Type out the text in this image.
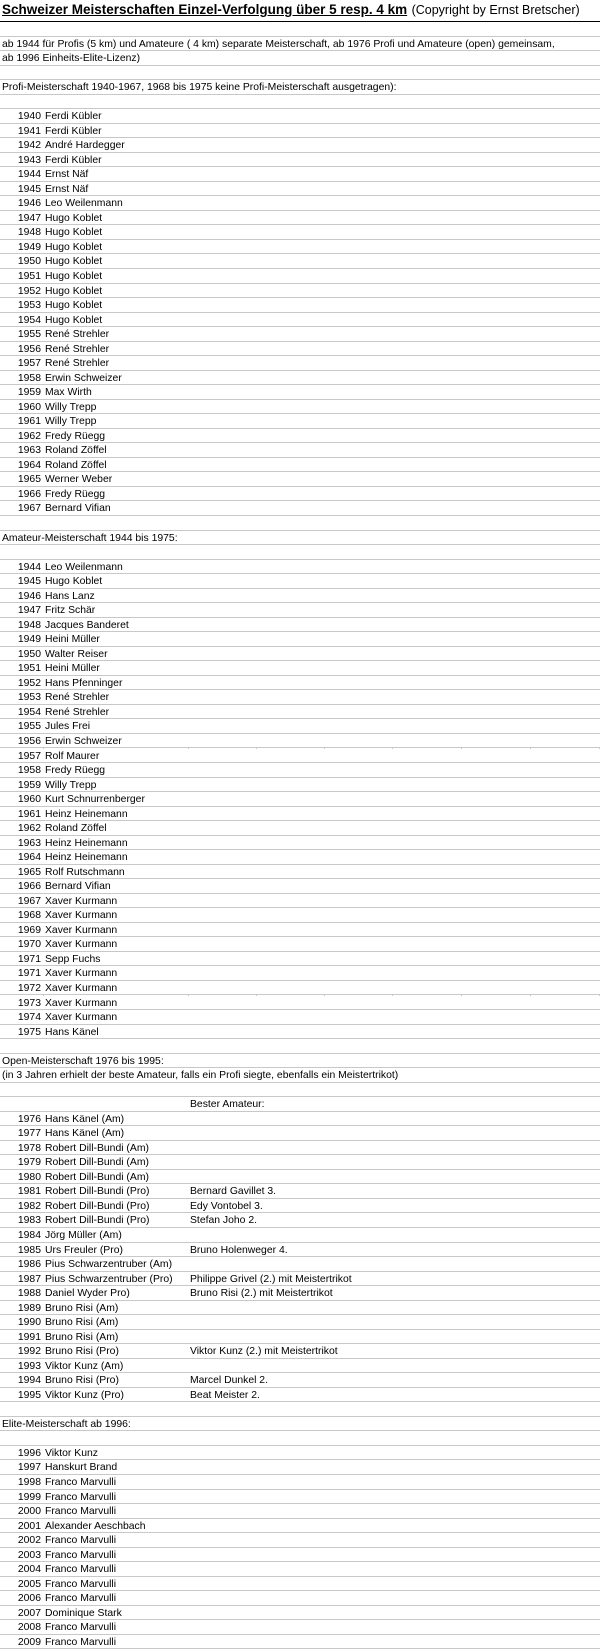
Schweizer Meisterschaften Einzel-Verfolgung über 5 resp. 4 km (Copyright by Ernst Bretscher)
ab 1944 für Profis (5 km) und Amateure ( 4 km) separate Meisterschaft, ab 1976 Profi und Amateure (open) gemeinsam,
ab 1996 Einheits-Elite-Lizenz)
Profi-Meisterschaft 1940-1967, 1968 bis 1975 keine Profi-Meisterschaft ausgetragen):
1940 Ferdi Kübler
1941 Ferdi Kübler
1942 André Hardegger
1943 Ferdi Kübler
1944 Ernst Näf
1945 Ernst Näf
1946 Leo Weilenmann
1947 Hugo Koblet
1948 Hugo Koblet
1949 Hugo Koblet
1950 Hugo Koblet
1951 Hugo Koblet
1952 Hugo Koblet
1953 Hugo Koblet
1954 Hugo Koblet
1955 René Strehler
1956 René Strehler
1957 René Strehler
1958 Erwin Schweizer
1959 Max Wirth
1960 Willy Trepp
1961 Willy Trepp
1962 Fredy Rüegg
1963 Roland Zöffel
1964 Roland Zöffel
1965 Werner Weber
1966 Fredy Rüegg
1967 Bernard Vifian
Amateur-Meisterschaft 1944 bis 1975:
1944 Leo Weilenmann
1945 Hugo Koblet
1946 Hans Lanz
1947 Fritz Schär
1948 Jacques Banderet
1949 Heini Müller
1950 Walter Reiser
1951 Heini Müller
1952 Hans Pfenninger
1953 René Strehler
1954 René Strehler
1955 Jules Frei
1956 Erwin Schweizer
1957 Rolf Maurer
1958 Fredy Rüegg
1959 Willy Trepp
1960 Kurt Schnurrenberger
1961 Heinz Heinemann
1962 Roland Zöffel
1963 Heinz Heinemann
1964 Heinz Heinemann
1965 Rolf Rutschmann
1966 Bernard Vifian
1967 Xaver Kurmann
1968 Xaver Kurmann
1969 Xaver Kurmann
1970 Xaver Kurmann
1971 Sepp Fuchs
1971 Xaver Kurmann
1972 Xaver Kurmann
1973 Xaver Kurmann
1974 Xaver Kurmann
1975 Hans Känel
Open-Meisterschaft 1976 bis 1995:
(in 3 Jahren erhielt der beste Amateur, falls ein Profi siegte, ebenfalls ein Meistertrikot)
Bester Amateur:
1976 Hans Känel (Am)
1977 Hans Känel (Am)
1978 Robert Dill-Bundi (Am)
1979 Robert Dill-Bundi (Am)
1980 Robert Dill-Bundi (Am)
1981 Robert Dill-Bundi (Pro)	Bernard Gavillet 3.
1982 Robert Dill-Bundi (Pro)	Edy Vontobel 3.
1983 Robert Dill-Bundi (Pro)	Stefan Joho 2.
1984 Jörg Müller (Am)
1985 Urs Freuler (Pro)	Bruno Holenweger 4.
1986 Pius Schwarzentruber (Am)
1987 Pius Schwarzentruber (Pro) Philippe Grivel (2.) mit Meistertrikot
1988 Daniel Wyder Pro)	Bruno Risi (2.) mit Meistertrikot
1989 Bruno Risi (Am)
1990 Bruno Risi (Am)
1991 Bruno Risi (Am)
1992 Bruno Risi (Pro)	Viktor Kunz (2.) mit Meistertrikot
1993 Viktor Kunz (Am)
1994 Bruno Risi (Pro)	Marcel Dunkel 2.
1995 Viktor Kunz (Pro)	Beat Meister 2.
Elite-Meisterschaft ab 1996:
1996 Viktor Kunz
1997 Hanskurt Brand
1998 Franco Marvulli
1999 Franco Marvulli
2000 Franco Marvulli
2001 Alexander Aeschbach
2002 Franco Marvulli
2003 Franco Marvulli
2004 Franco Marvulli
2005 Franco Marvulli
2006 Franco Marvulli
2007 Dominique Stark
2008 Franco Marvulli
2009 Franco Marvulli
